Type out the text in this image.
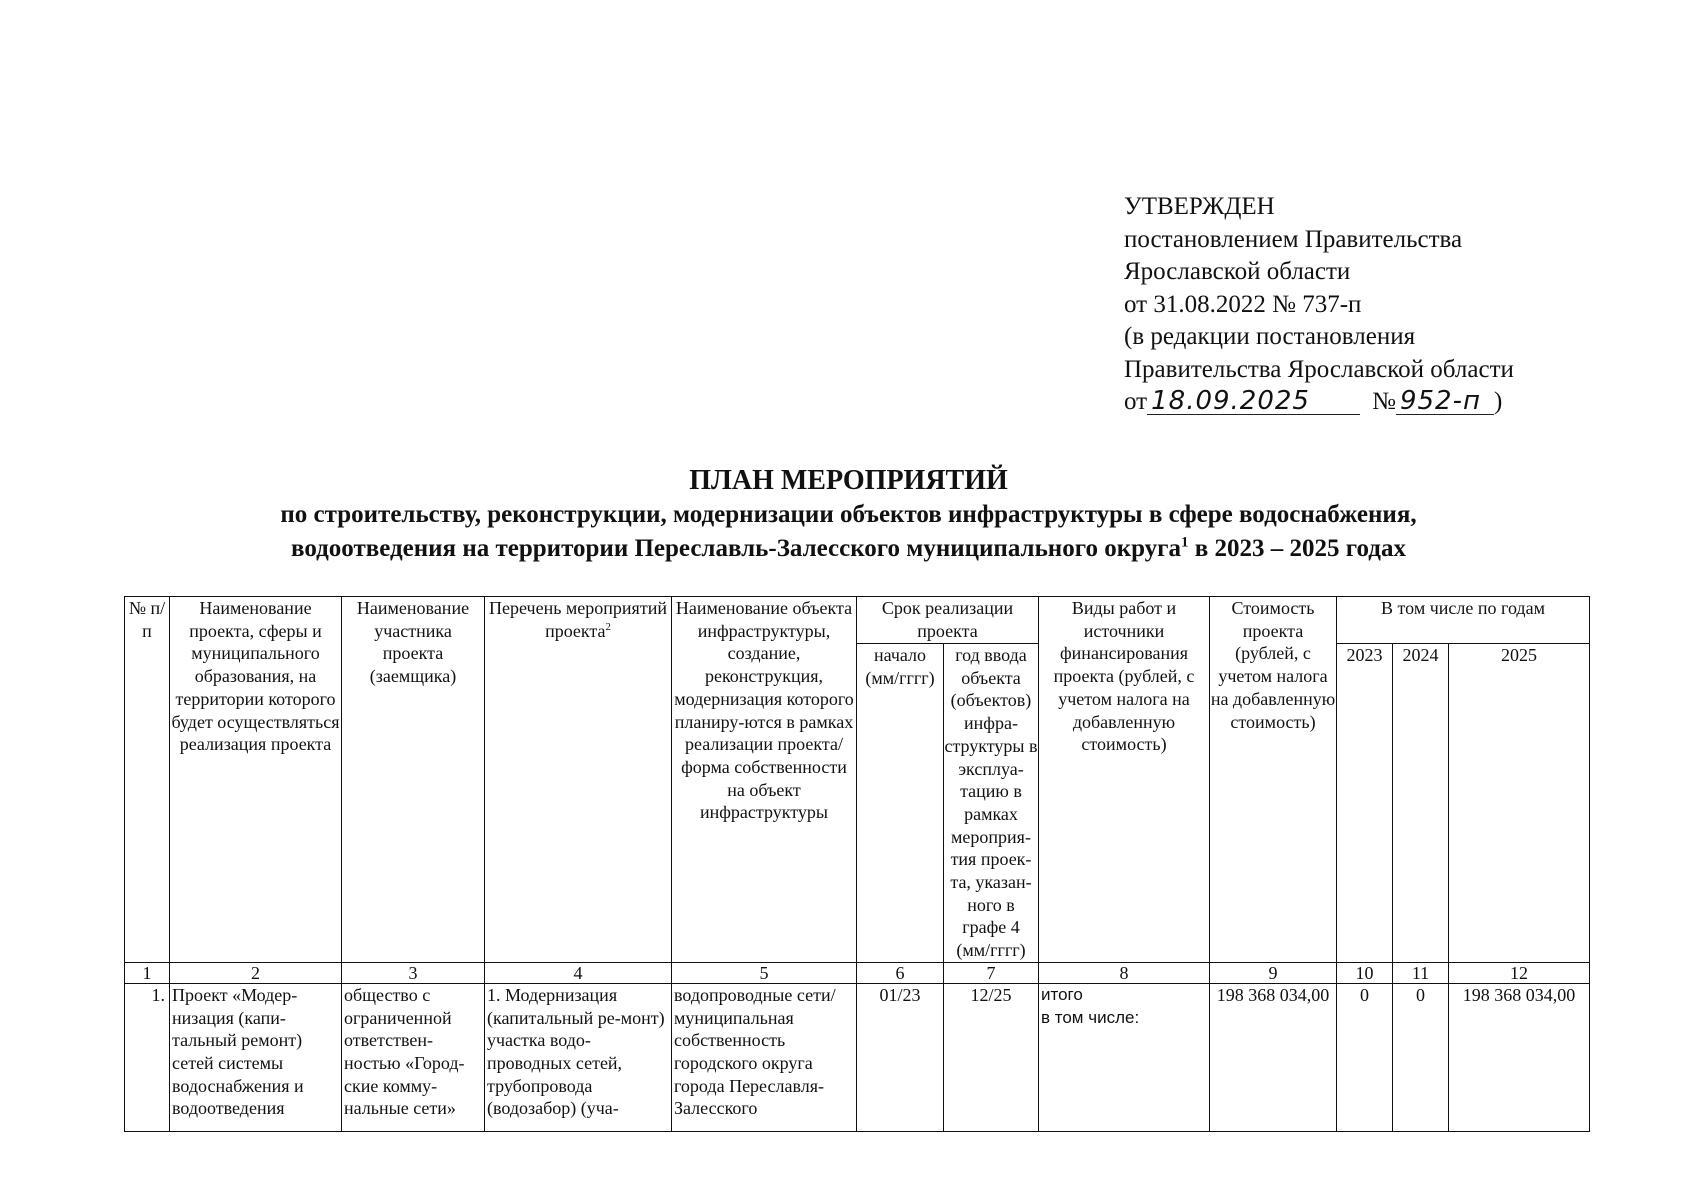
УТВЕРЖДЕН
постановлением Правительства
Ярославской области
от 31.08.2022 № 737-п
(в редакции постановления
Правительства Ярославской области
от 18.09.2025 № 952-п )
ПЛАН МЕРОПРИЯТИЙ
по строительству, реконструкции, модернизации объектов инфраструктуры в сфере водоснабжения,
водоотведения на территории Переславль-Залесского муниципального округа$^1$ в 2023 – 2025 годах
№ п/п	Наименование проекта, сферы и муниципального образования, на территории которого будет осуществляться реализация проекта	Наименование участника проекта (заемщика)	Перечень мероприятий проекта$^2$	Наименование объекта инфраструктуры, создание, реконструкция, модернизация которого планиру-ются в рамках реализации проекта/ форма собственности на объект инфраструктуры	Срок реализации проекта		Виды работ и источники финансирования проекта (рублей, с учетом налога на добавленную стоимость)	Стоимость проекта (рублей, с учетом налога на добавленную стоимость)	В том числе по годам		
					начало (мм/гггг)	год ввода объекта (объектов) инфра-структуры в эксплуа-тацию в рамках мероприя-тия проек-та, указан-ного в графе 4 (мм/гггг)			2023	2024	2025
1	2	3	4	5	6	7	8	9	10	11	12
1.	Проект «Модер-низация (капи-тальный ремонт) сетей системы водоснабжения и водоотведения	общество с ограниченной ответствен-ностью «Город-ские комму-нальные сети»	1. Модернизация (капитальный ре-монт) участка водо-проводных сетей, трубопровода (водозабор) (уча-	водопроводные сети/ муниципальная собственность городского округа города Переславля-Залесского	01/23	12/25	итого
в том числе:	198 368 034,00	0	0	198 368 034,00
